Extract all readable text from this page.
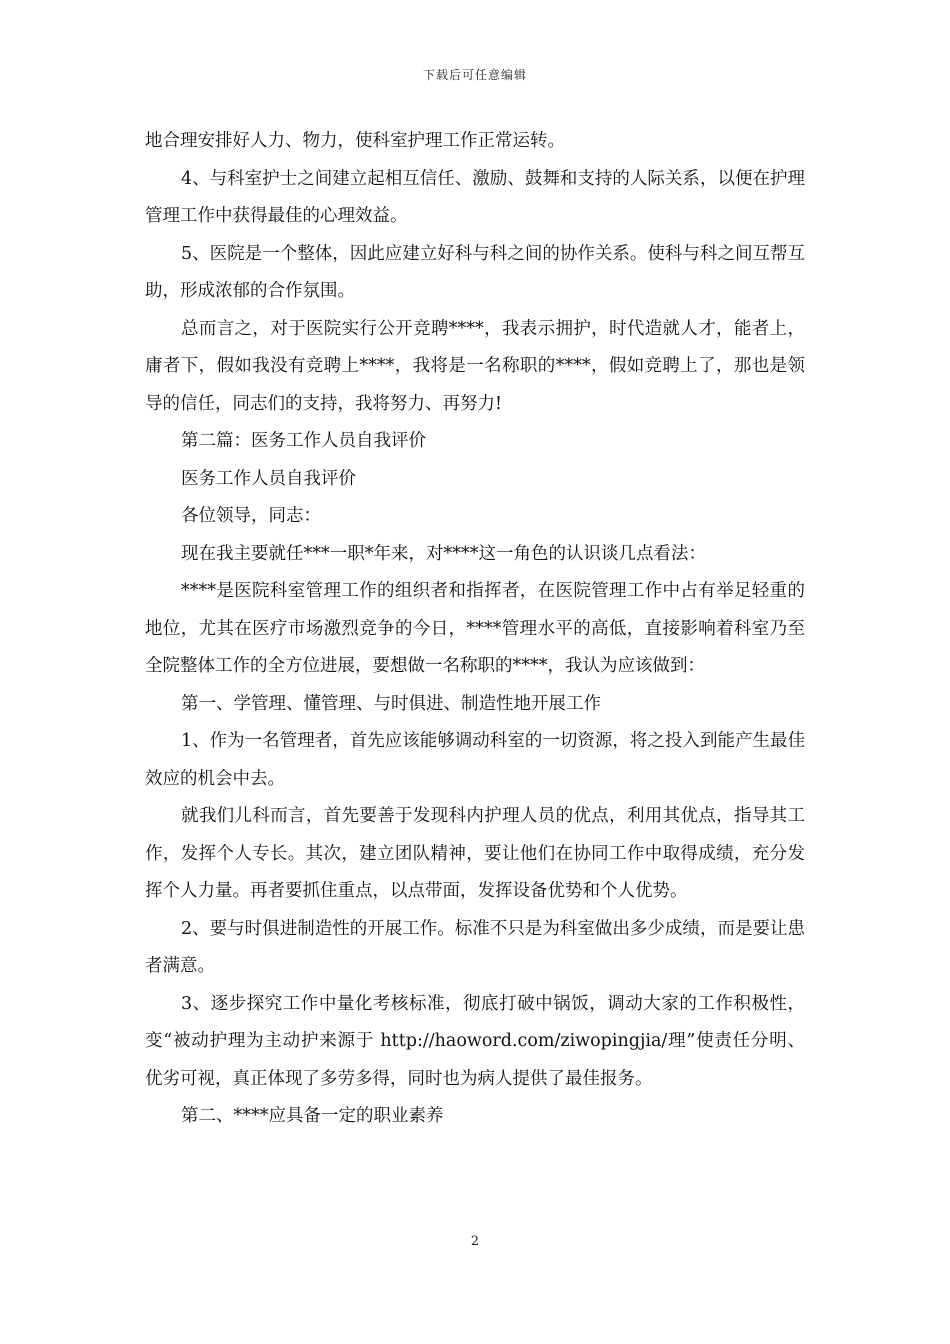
下载后可任意编辑

地合理安排好人力、物力，使科室护理工作正常运转。

4、与科室护士之间建立起相互信任、激励、鼓舞和支持的人际关系，以便在护理管理工作中获得最佳的心理效益。

5、医院是一个整体，因此应建立好科与科之间的协作关系。使科与科之间互帮互助，形成浓郁的合作氛围。

总而言之，对于医院实行公开竞聘****，我表示拥护，时代造就人才，能者上，庸者下，假如我没有竞聘上****，我将是一名称职的****，假如竞聘上了，那也是领导的信任，同志们的支持，我将努力、再努力!

第二篇：医务工作人员自我评价

医务工作人员自我评价

各位领导，同志：

现在我主要就任***一职*年来，对****这一角色的认识谈几点看法：

****是医院科室管理工作的组织者和指挥者，在医院管理工作中占有举足轻重的地位，尤其在医疗市场激烈竞争的今日，****管理水平的高低，直接影响着科室乃至全院整体工作的全方位进展，要想做一名称职的****，我认为应该做到：

第一、学管理、懂管理、与时俱进、制造性地开展工作

1、作为一名管理者，首先应该能够调动科室的一切资源，将之投入到能产生最佳效应的机会中去。

就我们儿科而言，首先要善于发现科内护理人员的优点，利用其优点，指导其工作，发挥个人专长。其次，建立团队精神，要让他们在协同工作中取得成绩，充分发挥个人力量。再者要抓住重点，以点带面，发挥设备优势和个人优势。

2、要与时俱进制造性的开展工作。标准不只是为科室做出多少成绩，而是要让患者满意。

3、逐步探究工作中量化考核标准，彻底打破中锅饭，调动大家的工作积极性，变“被动护理为主动护来源于 http://haoword.com/ziwopingjia/理”使责任分明、优劣可视，真正体现了多劳多得，同时也为病人提供了最佳报务。

第二、****应具备一定的职业素养

2
